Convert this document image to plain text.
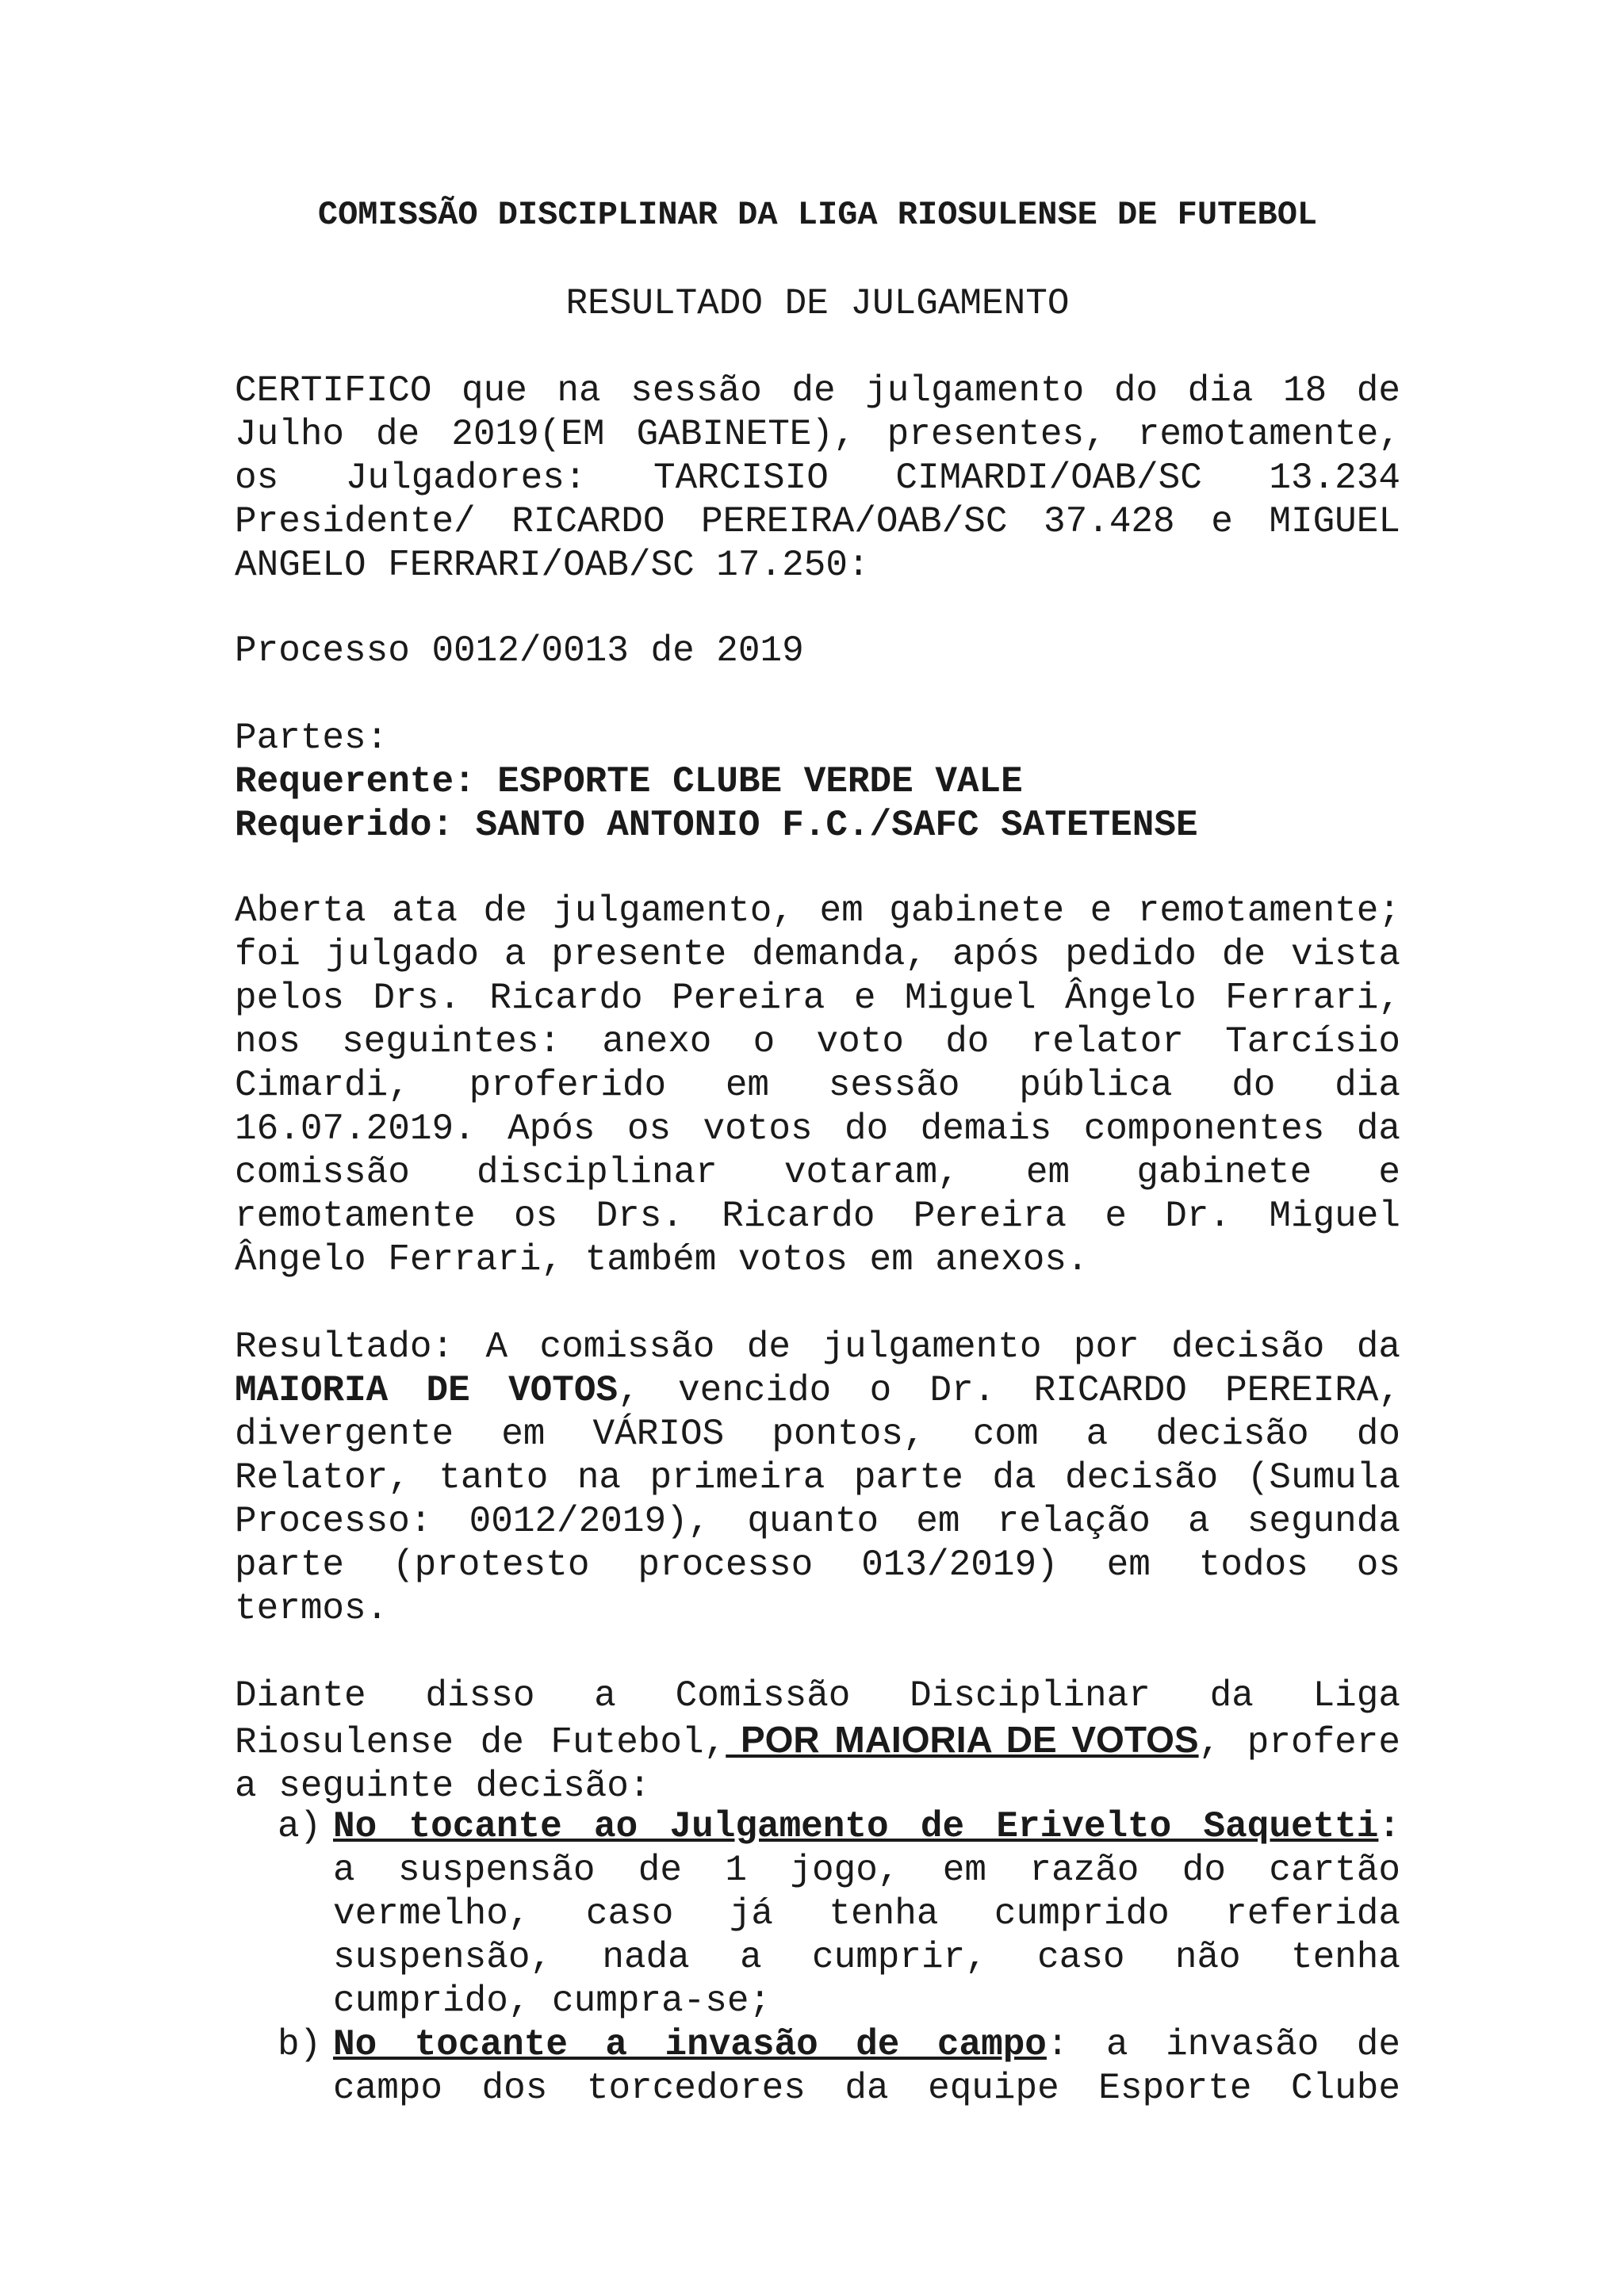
COMISSÃO DISCIPLINAR DA LIGA RIOSULENSE DE FUTEBOL
RESULTADO DE JULGAMENTO
CERTIFICO que na sessão de julgamento do dia 18 de
Julho de 2019(EM GABINETE), presentes, remotamente,
os Julgadores: TARCISIO CIMARDI/OAB/SC 13.234
Presidente/ RICARDO PEREIRA/OAB/SC 37.428 e MIGUEL
ANGELO FERRARI/OAB/SC 17.250:
Processo 0012/0013 de 2019
Partes:
Requerente: ESPORTE CLUBE VERDE VALE
Requerido: SANTO ANTONIO F.C./SAFC SATETENSE
Aberta ata de julgamento, em gabinete e remotamente;
foi julgado a presente demanda, após pedido de vista
pelos Drs. Ricardo Pereira e Miguel Ângelo Ferrari,
nos seguintes: anexo o voto do relator Tarcísio
Cimardi, proferido em sessão pública do dia
16.07.2019. Após os votos do demais componentes da
comissão disciplinar votaram, em gabinete e
remotamente os Drs. Ricardo Pereira e Dr. Miguel
Ângelo Ferrari, também votos em anexos.
Resultado: A comissão de julgamento por decisão da
MAIORIA DE VOTOS, vencido o Dr. RICARDO PEREIRA,
divergente em VÁRIOS pontos, com a decisão do
Relator, tanto na primeira parte da decisão (Sumula
Processo: 0012/2019), quanto em relação a segunda
parte (protesto processo 013/2019) em todos os
termos.
Diante disso a Comissão Disciplinar da Liga
Riosulense de Futebol, POR MAIORIA DE VOTOS, profere
a seguinte decisão:
a) No tocante ao Julgamento de Erivelto Saquetti:
a suspensão de 1 jogo, em razão do cartão
vermelho, caso já tenha cumprido referida
suspensão, nada a cumprir, caso não tenha
cumprido, cumpra-se;
b) No tocante a invasão de campo: a invasão de
campo dos torcedores da equipe Esporte Clube
